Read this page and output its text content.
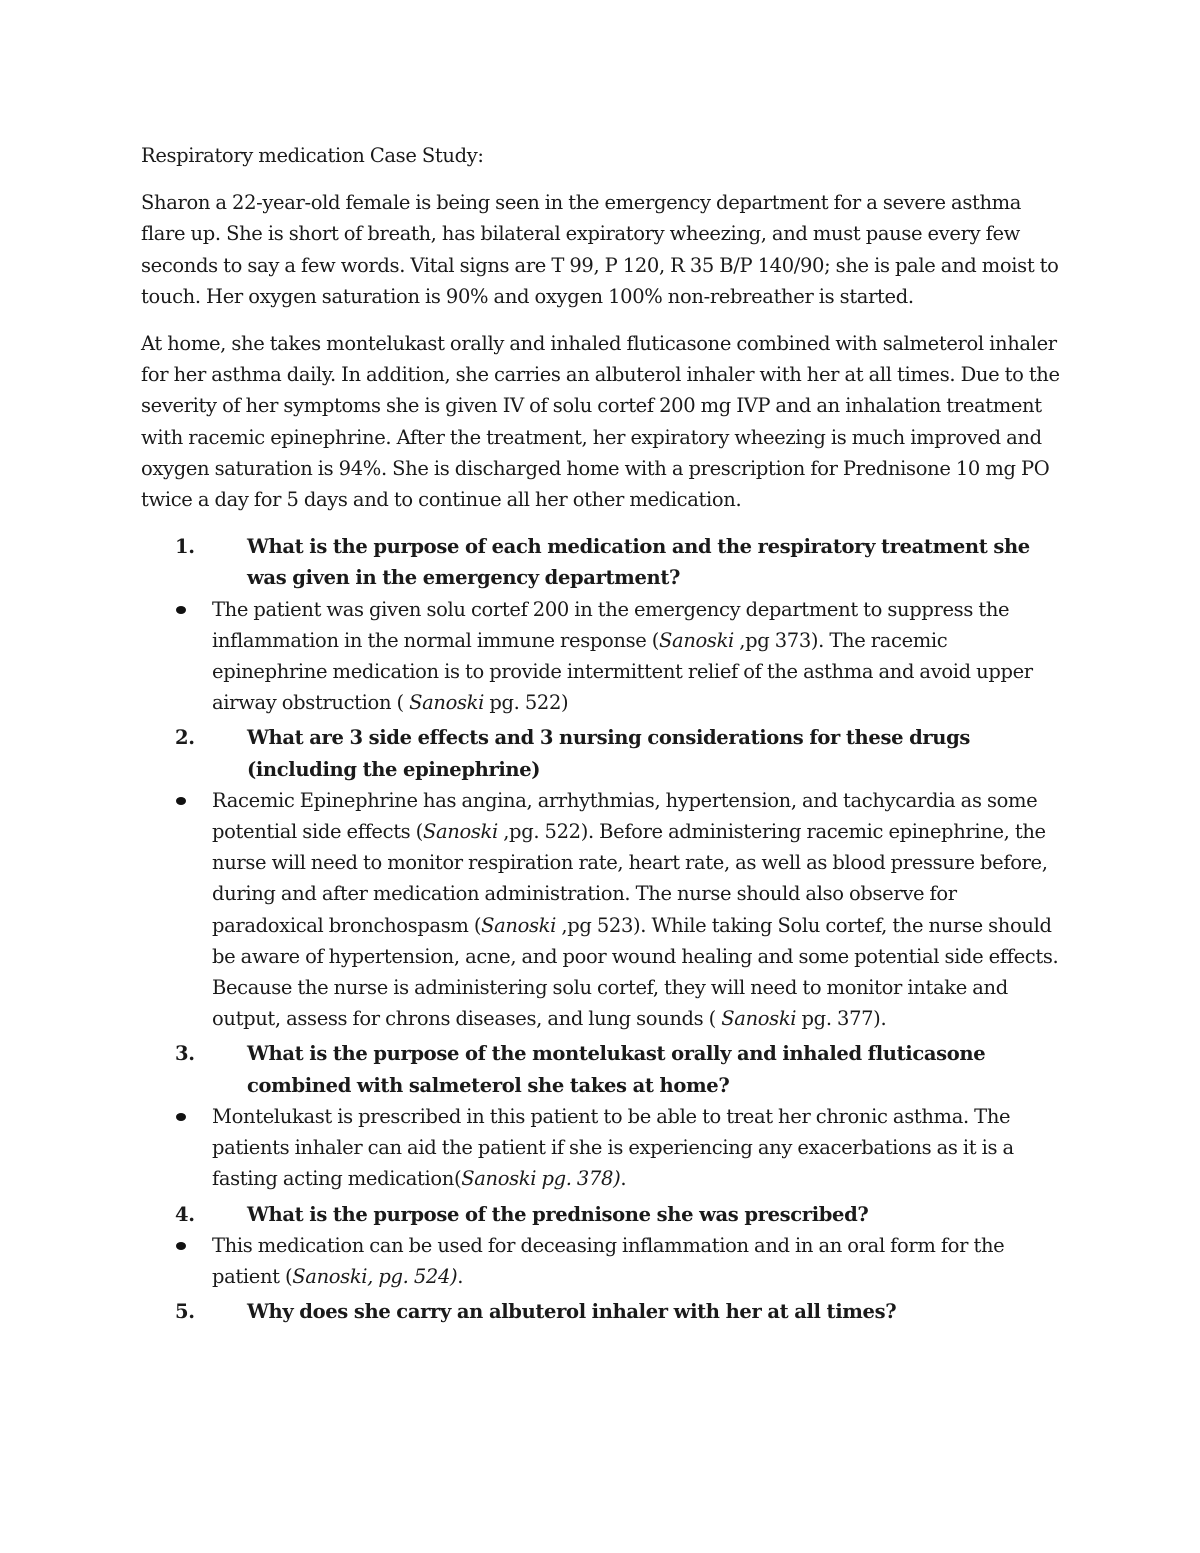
Respiratory medication Case Study:

Sharon a 22-year-old female is being seen in the emergency department for a severe asthma flare up. She is short of breath, has bilateral expiratory wheezing, and must pause every few seconds to say a few words. Vital signs are T 99, P 120, R 35 B/P 140/90; she is pale and moist to touch. Her oxygen saturation is 90% and oxygen 100% non-rebreather is started.

At home, she takes montelukast orally and inhaled fluticasone combined with salmeterol inhaler for her asthma daily. In addition, she carries an albuterol inhaler with her at all times. Due to the severity of her symptoms she is given IV of solu cortef 200 mg IVP and an inhalation treatment with racemic epinephrine. After the treatment, her expiratory wheezing is much improved and oxygen saturation is 94%. She is discharged home with a prescription for Prednisone 10 mg PO twice a day for 5 days and to continue all her other medication.

1.	What is the purpose of each medication and the respiratory treatment she was given in the emergency department?
The patient was given solu cortef 200 in the emergency department to suppress the inflammation in the normal immune response (Sanoski ,pg 373). The racemic epinephrine medication is to provide intermittent relief of the asthma and avoid upper airway obstruction ( Sanoski pg. 522)
2.	What are 3 side effects and 3 nursing considerations for these drugs (including the epinephrine)
Racemic Epinephrine has angina, arrhythmias, hypertension, and tachycardia as some potential side effects (Sanoski ,pg. 522). Before administering racemic epinephrine, the nurse will need to monitor respiration rate, heart rate, as well as blood pressure before, during and after medication administration. The nurse should also observe for paradoxical bronchospasm (Sanoski ,pg 523). While taking Solu cortef, the nurse should be aware of hypertension, acne, and poor wound healing and some potential side effects. Because the nurse is administering solu cortef, they will need to monitor intake and output, assess for chrons diseases, and lung sounds ( Sanoski pg. 377).
3.	What is the purpose of the montelukast orally and inhaled fluticasone combined with salmeterol she takes at home?
Montelukast is prescribed in this patient to be able to treat her chronic asthma. The patients inhaler can aid the patient if she is experiencing any exacerbations as it is a fasting acting medication(Sanoski pg. 378).
4.	What is the purpose of the prednisone she was prescribed?
This medication can be used for deceasing inflammation and in an oral form for the patient (Sanoski, pg. 524).
5.	Why does she carry an albuterol inhaler with her at all times?
